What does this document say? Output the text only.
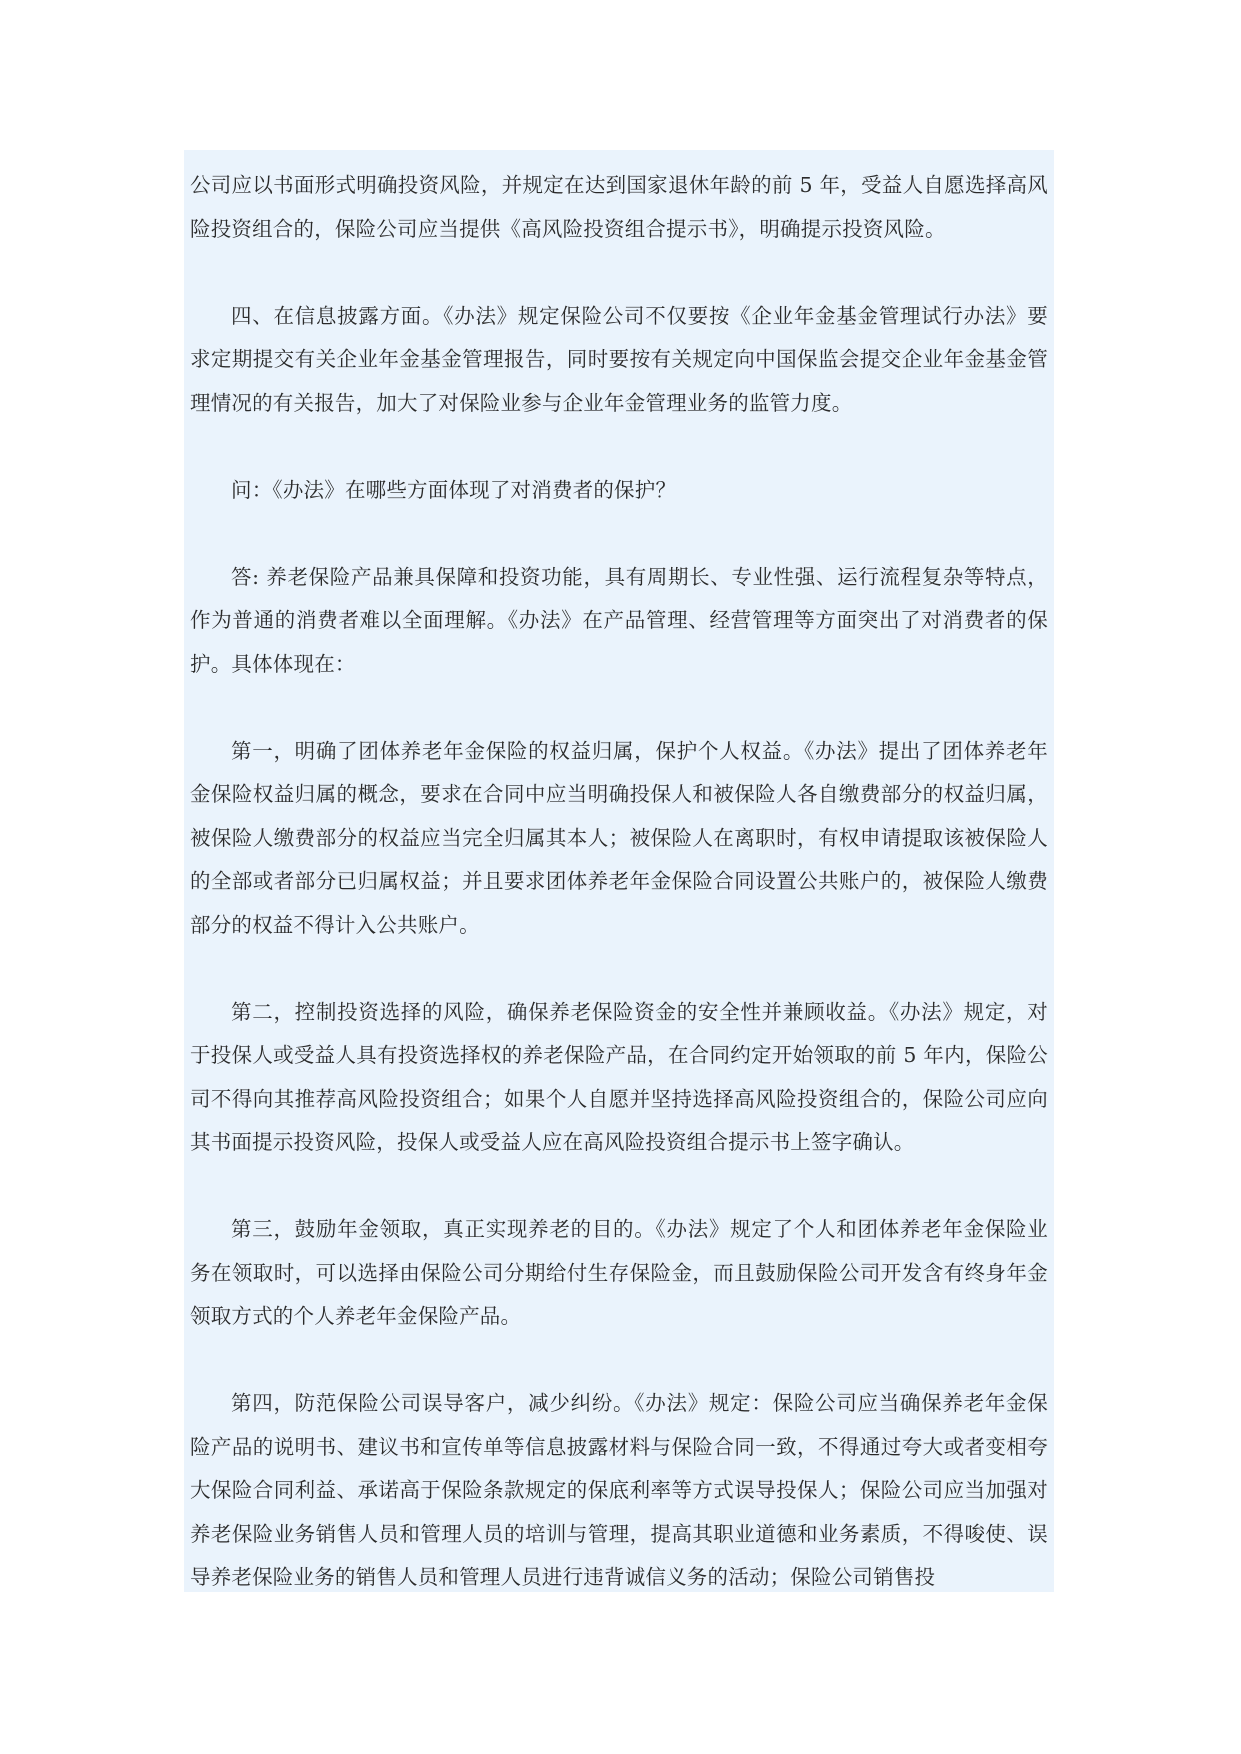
公司应以书面形式明确投资风险，并规定在达到国家退休年龄的前 5 年，受益人自愿选择高风险投资组合的，保险公司应当提供《高风险投资组合提示书》，明确提示投资风险。

四、在信息披露方面。《办法》规定保险公司不仅要按《企业年金基金管理试行办法》要求定期提交有关企业年金基金管理报告，同时要按有关规定向中国保监会提交企业年金基金管理情况的有关报告，加大了对保险业参与企业年金管理业务的监管力度。

问：《办法》在哪些方面体现了对消费者的保护？

答: 养老保险产品兼具保障和投资功能，具有周期长、专业性强、运行流程复杂等特点，作为普通的消费者难以全面理解。《办法》在产品管理、经营管理等方面突出了对消费者的保护。具体体现在：

第一，明确了团体养老年金保险的权益归属，保护个人权益。《办法》提出了团体养老年金保险权益归属的概念，要求在合同中应当明确投保人和被保险人各自缴费部分的权益归属，被保险人缴费部分的权益应当完全归属其本人；被保险人在离职时，有权申请提取该被保险人的全部或者部分已归属权益；并且要求团体养老年金保险合同设置公共账户的，被保险人缴费部分的权益不得计入公共账户。

第二，控制投资选择的风险，确保养老保险资金的安全性并兼顾收益。《办法》规定，对于投保人或受益人具有投资选择权的养老保险产品，在合同约定开始领取的前 5 年内，保险公司不得向其推荐高风险投资组合；如果个人自愿并坚持选择高风险投资组合的，保险公司应向其书面提示投资风险，投保人或受益人应在高风险投资组合提示书上签字确认。

第三，鼓励年金领取，真正实现养老的目的。《办法》规定了个人和团体养老年金保险业务在领取时，可以选择由保险公司分期给付生存保险金，而且鼓励保险公司开发含有终身年金领取方式的个人养老年金保险产品。

第四，防范保险公司误导客户，减少纠纷。《办法》规定：保险公司应当确保养老年金保险产品的说明书、建议书和宣传单等信息披露材料与保险合同一致，不得通过夸大或者变相夸大保险合同利益、承诺高于保险条款规定的保底利率等方式误导投保人；保险公司应当加强对养老保险业务销售人员和管理人员的培训与管理，提高其职业道德和业务素质，不得唆使、误导养老保险业务的销售人员和管理人员进行违背诚信义务的活动；保险公司销售投
